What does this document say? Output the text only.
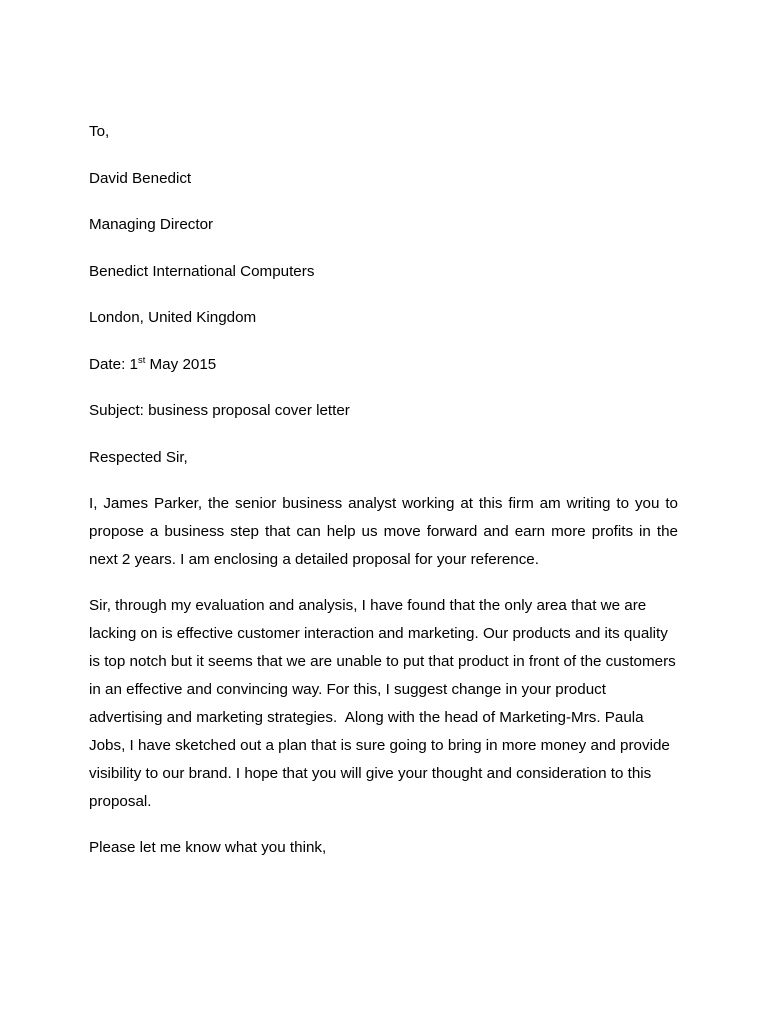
To,

David Benedict

Managing Director

Benedict International Computers

London, United Kingdom

Date: 1st May 2015

Subject: business proposal cover letter

Respected Sir,

I, James Parker, the senior business analyst working at this firm am writing to you to propose a business step that can help us move forward and earn more profits in the next 2 years. I am enclosing a detailed proposal for your reference.

Sir, through my evaluation and analysis, I have found that the only area that we are lacking on is effective customer interaction and marketing. Our products and its quality is top notch but it seems that we are unable to put that product in front of the customers in an effective and convincing way. For this, I suggest change in your product advertising and marketing strategies.  Along with the head of Marketing-Mrs. Paula Jobs, I have sketched out a plan that is sure going to bring in more money and provide visibility to our brand. I hope that you will give your thought and consideration to this proposal.

Please let me know what you think,
